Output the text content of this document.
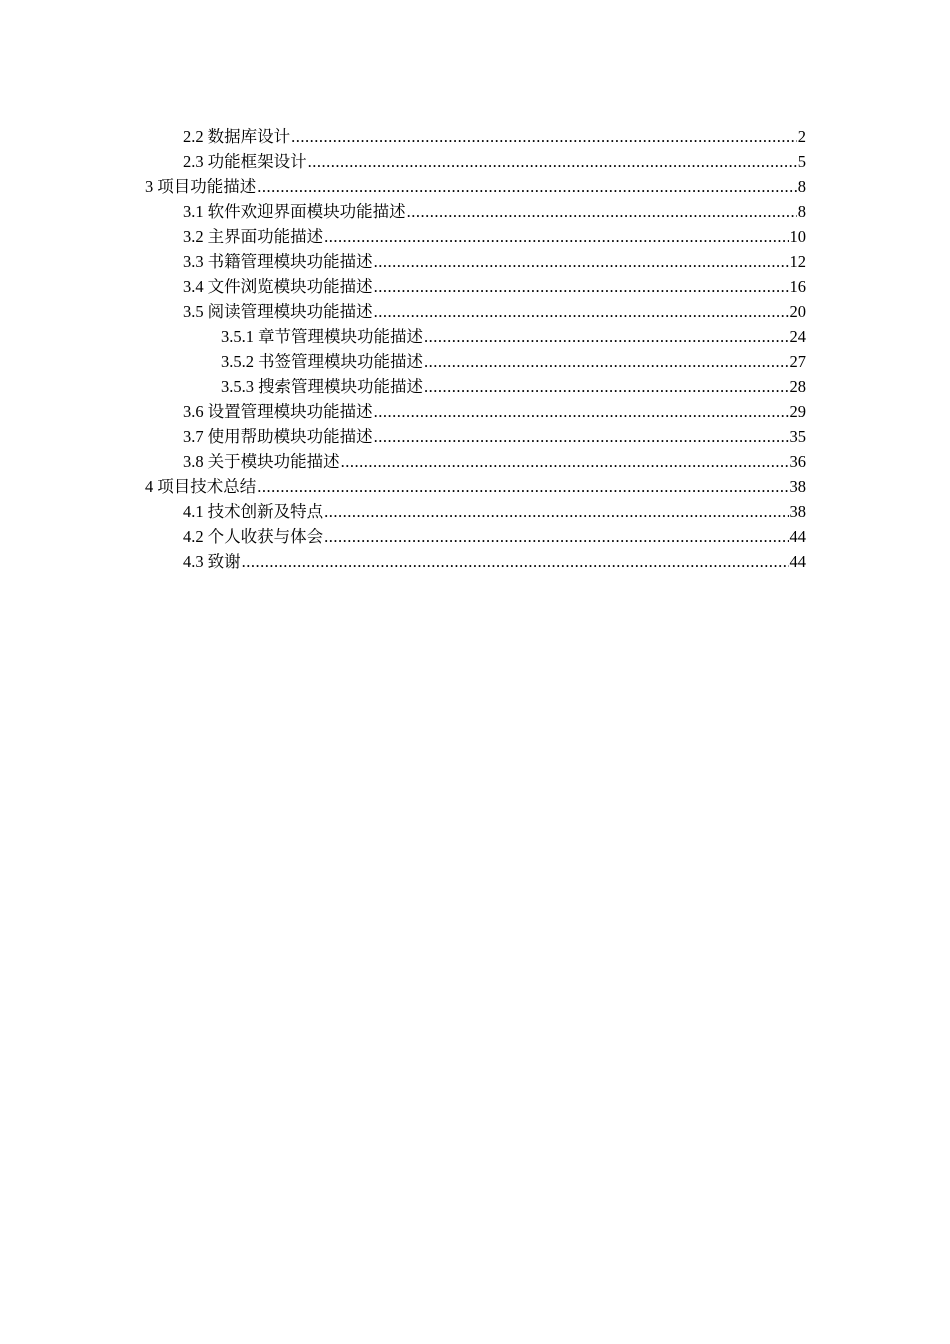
2.2 数据库设计 .....	2
2.3 功能框架设计 .....	5
3 项目功能描述 .....	8
3.1 软件欢迎界面模块功能描述 .....	8
3.2 主界面功能描述 .....	10
3.3 书籍管理模块功能描述 .....	12
3.4 文件浏览模块功能描述 .....	16
3.5 阅读管理模块功能描述 .....	20
3.5.1 章节管理模块功能描述 .....	24
3.5.2 书签管理模块功能描述 .....	27
3.5.3 搜索管理模块功能描述 .....	28
3.6 设置管理模块功能描述 .....	29
3.7 使用帮助模块功能描述 .....	35
3.8 关于模块功能描述 .....	36
4 项目技术总结 .....	38
4.1 技术创新及特点 .....	38
4.2 个人收获与体会 .....	44
4.3 致谢 .....	44
